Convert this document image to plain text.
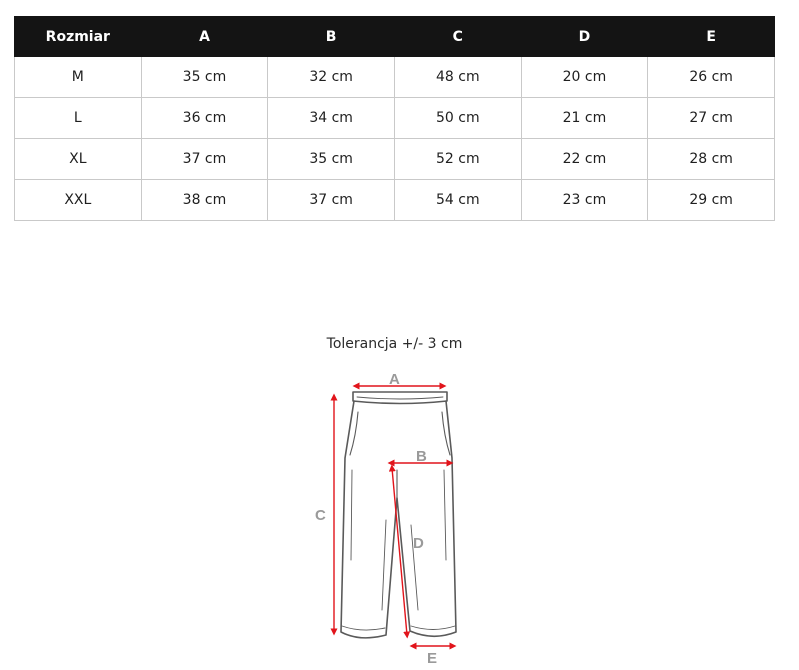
Rozmiar	A	B	C	D	E
M	35 cm	32 cm	48 cm	20 cm	26 cm
L	36 cm	34 cm	50 cm	21 cm	27 cm
XL	37 cm	35 cm	52 cm	22 cm	28 cm
XXL	38 cm	37 cm	54 cm	23 cm	29 cm
Tolerancja +/- 3 cm
A
B
C
D
E
